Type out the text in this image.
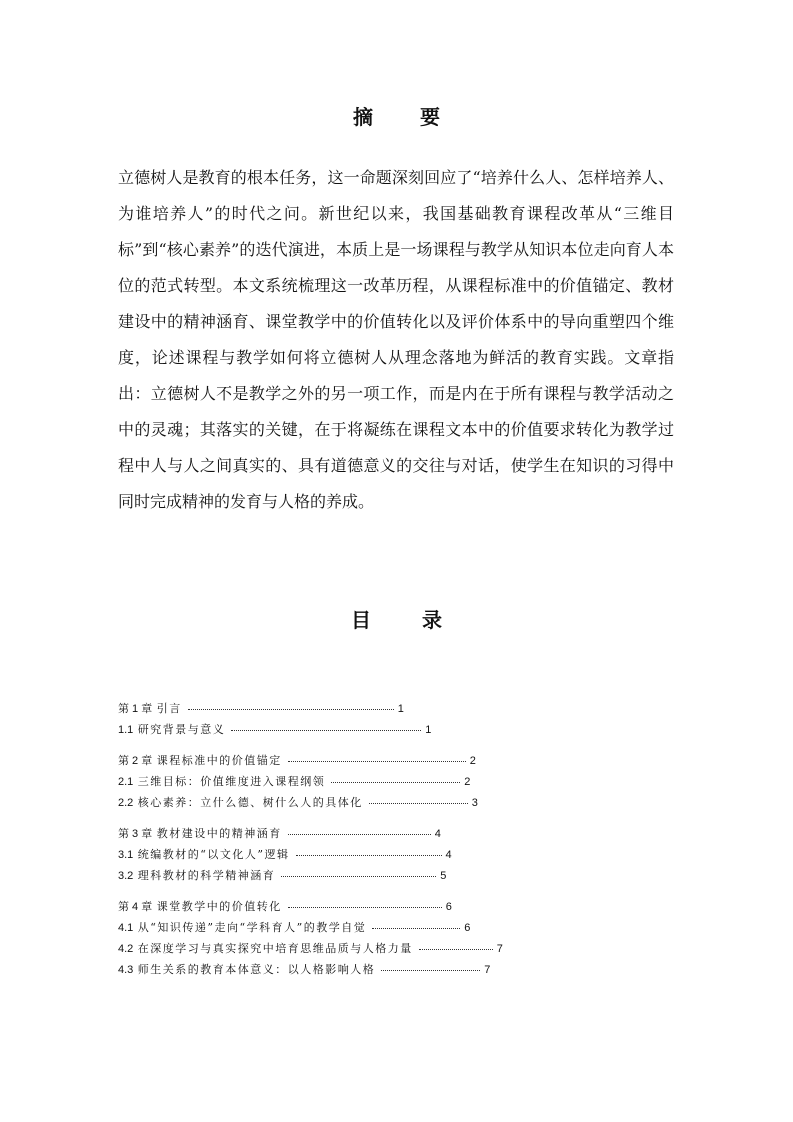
摘 要

立德树人是教育的根本任务，这一命题深刻回应了“培养什么人、怎样培养人、为谁培养人”的时代之问。新世纪以来，我国基础教育课程改革从“三维目标”到“核心素养”的迭代演进，本质上是一场课程与教学从知识本位走向育人本位的范式转型。本文系统梳理这一改革历程，从课程标准中的价值锚定、教材建设中的精神涵育、课堂教学中的价值转化以及评价体系中的导向重塑四个维度，论述课程与教学如何将立德树人从理念落地为鲜活的教育实践。文章指出：立德树人不是教学之外的另一项工作，而是内在于所有课程与教学活动之中的灵魂；其落实的关键，在于将凝练在课程文本中的价值要求转化为教学过程中人与人之间真实的、具有道德意义的交往与对话，使学生在知识的习得中同时完成精神的发育与人格的养成。

目 录
第 1 章 引言	1
1.1 研究背景与意义	1
第 2 章 课程标准中的价值锚定	2
2.1 三维目标：价值维度进入课程纲领	2
2.2 核心素养：立什么德、树什么人的具体化	3
第 3 章 教材建设中的精神涵育	4
3.1 统编教材的“以文化人”逻辑	4
3.2 理科教材的科学精神涵育	5
第 4 章 课堂教学中的价值转化	6
4.1 从“知识传递”走向“学科育人”的教学自觉	6
4.2 在深度学习与真实探究中培育思维品质与人格力量	7
4.3 师生关系的教育本体意义：以人格影响人格	7
